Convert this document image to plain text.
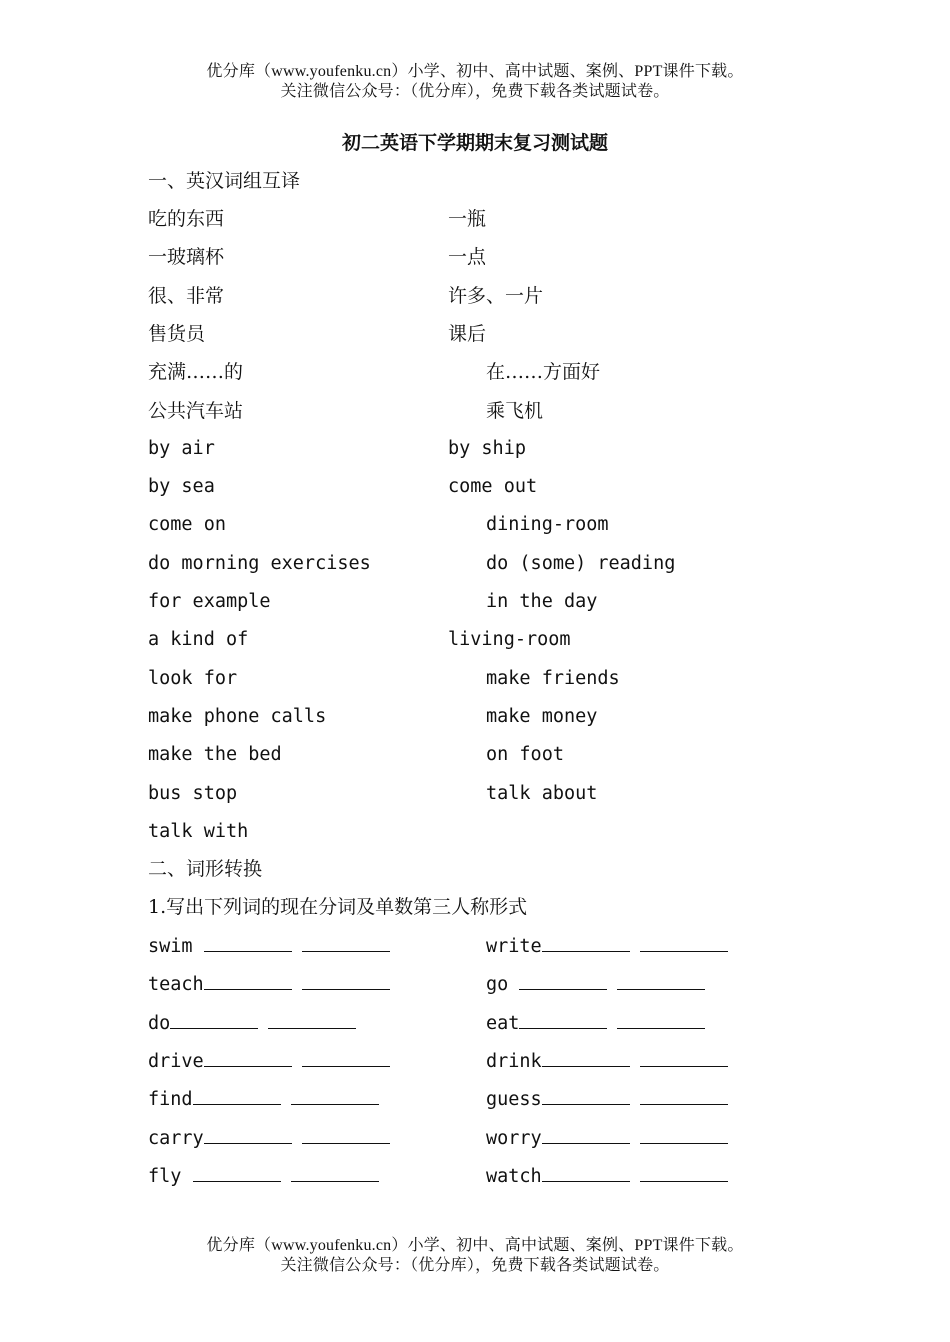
优分库（www.youfenku.cn）小学、初中、高中试题、案例、PPT课件下载。
关注微信公众号：（优分库），免费下载各类试题试卷。
初二英语下学期期末复习测试题
一、英汉词组互译
吃的东西	一瓶
一玻璃杯	一点
很、非常	许多、一片
售货员	课后
充满……的	在……方面好
公共汽车站	乘飞机
by air	by ship
by sea	come out
come on	dining-room
do morning exercises	do (some) reading
for example	in the day
a kind of	living-room
look for	make friends
make phone calls	make money
make the bed	on foot
bus stop	talk about
talk with
二、词形转换
1.写出下列词的现在分词及单数第三人称形式
swim	write
teach	go
do	eat
drive	drink
find	guess
carry	worry
fly	watch
优分库（www.youfenku.cn）小学、初中、高中试题、案例、PPT课件下载。
关注微信公众号：（优分库），免费下载各类试题试卷。
